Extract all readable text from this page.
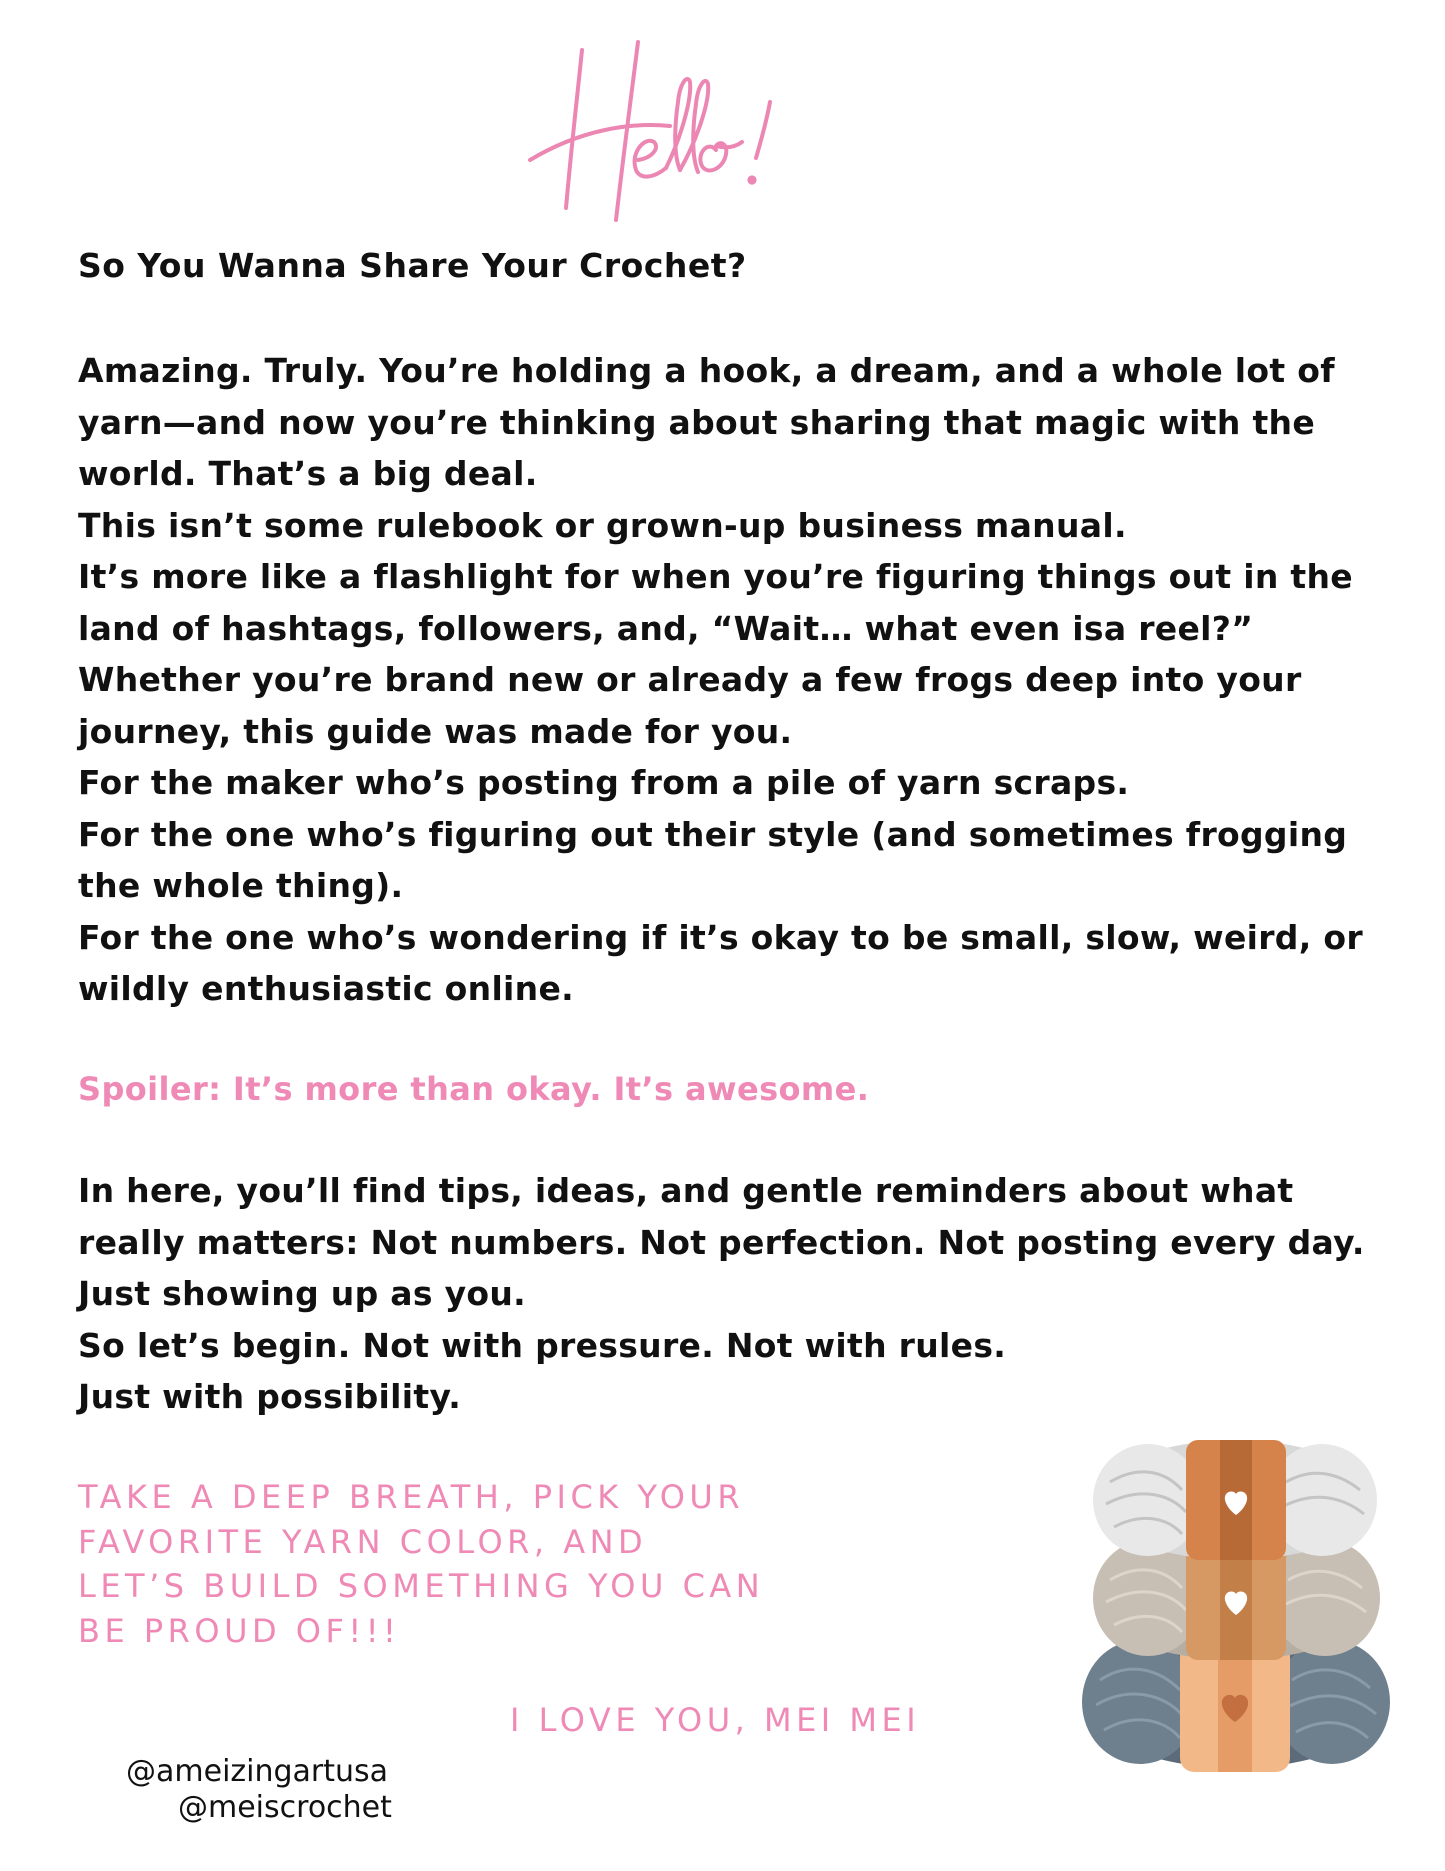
So You Wanna Share Your Crochet?
Amazing. Truly. You’re holding a hook, a dream, and a whole lot of
yarn—and now you’re thinking about sharing that magic with the
world. That’s a big deal.
This isn’t some rulebook or grown-up business manual.
It’s more like a flashlight for when you’re figuring things out in the
land of hashtags, followers, and, “Wait… what even isa reel?”
Whether you’re brand new or already a few frogs deep into your
journey, this guide was made for you.
For the maker who’s posting from a pile of yarn scraps.
For the one who’s figuring out their style (and sometimes frogging
the whole thing).
For the one who’s wondering if it’s okay to be small, slow, weird, or
wildly enthusiastic online.
Spoiler: It’s more than okay. It’s awesome.
In here, you’ll find tips, ideas, and gentle reminders about what
really matters: Not numbers. Not perfection. Not posting every day.
Just showing up as you.
So let’s begin. Not with pressure. Not with rules.
Just with possibility.
TAKE A DEEP BREATH, PICK YOUR
FAVORITE YARN COLOR, AND
LET’S BUILD SOMETHING YOU CAN
BE PROUD OF!!!
I LOVE YOU, MEI MEI
@ameizingartusa
@meiscrochet
